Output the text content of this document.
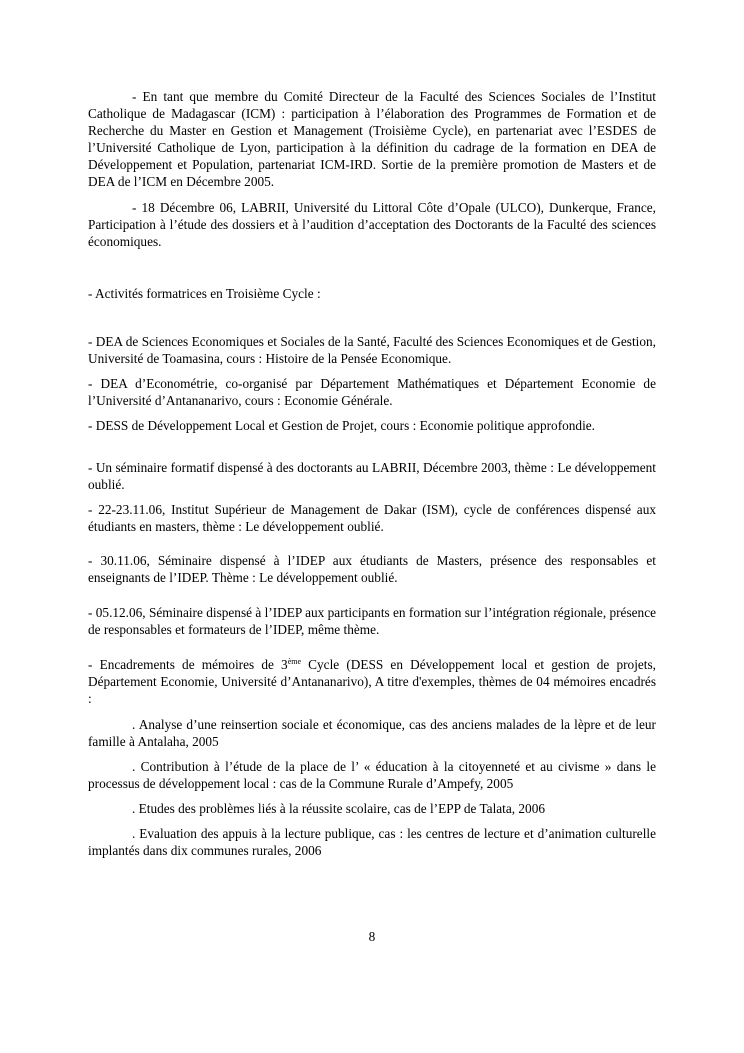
- En tant que membre du Comité Directeur de la Faculté des Sciences Sociales de l’Institut Catholique de Madagascar (ICM) : participation à l’élaboration des Programmes de Formation et de Recherche du Master en Gestion et Management (Troisième Cycle), en partenariat avec l’ESDES de l’Université Catholique de Lyon, participation à la définition du cadrage de la formation en DEA de Développement et Population, partenariat ICM-IRD. Sortie de la première promotion de Masters et de DEA de l’ICM en Décembre 2005.

- 18 Décembre 06, LABRII, Université du Littoral Côte d’Opale (ULCO), Dunkerque, France, Participation à l’étude des dossiers et à l’audition d’acceptation des Doctorants de la Faculté des sciences économiques.

- Activités formatrices en Troisième Cycle :

- DEA de Sciences Economiques et Sociales de la Santé, Faculté des Sciences Economiques et de Gestion, Université de Toamasina, cours : Histoire de la Pensée Economique.

- DEA d’Econométrie, co-organisé par Département Mathématiques et Département Economie de l’Université d’Antananarivo, cours : Economie Générale.

- DESS de Développement Local et Gestion de Projet, cours : Economie politique approfondie.

- Un séminaire formatif dispensé à des doctorants au LABRII, Décembre 2003, thème : Le développement oublié.

- 22-23.11.06, Institut Supérieur de Management de Dakar (ISM), cycle de conférences dispensé aux étudiants en masters, thème : Le développement oublié.

- 30.11.06, Séminaire dispensé à l’IDEP aux étudiants de Masters, présence des responsables et enseignants de l’IDEP. Thème : Le développement oublié.

- 05.12.06, Séminaire dispensé à l’IDEP aux participants en formation sur l’intégration régionale, présence de responsables et formateurs de l’IDEP, même thème.

- Encadrements de mémoires de 3ème Cycle (DESS en Développement local et gestion de projets, Département Economie, Université d’Antananarivo), A titre d'exemples, thèmes de 04 mémoires encadrés :

. Analyse d’une reinsertion sociale et économique, cas des anciens malades de la lèpre et de leur famille à Antalaha, 2005

. Contribution à l’étude de la place de l’ « éducation à la citoyenneté et au civisme » dans le processus de développement local : cas de la Commune Rurale d’Ampefy, 2005

. Etudes des problèmes liés à la réussite scolaire, cas de l’EPP de Talata, 2006

. Evaluation des appuis à la lecture publique, cas : les centres de lecture et d’animation culturelle implantés dans dix communes rurales, 2006

8
